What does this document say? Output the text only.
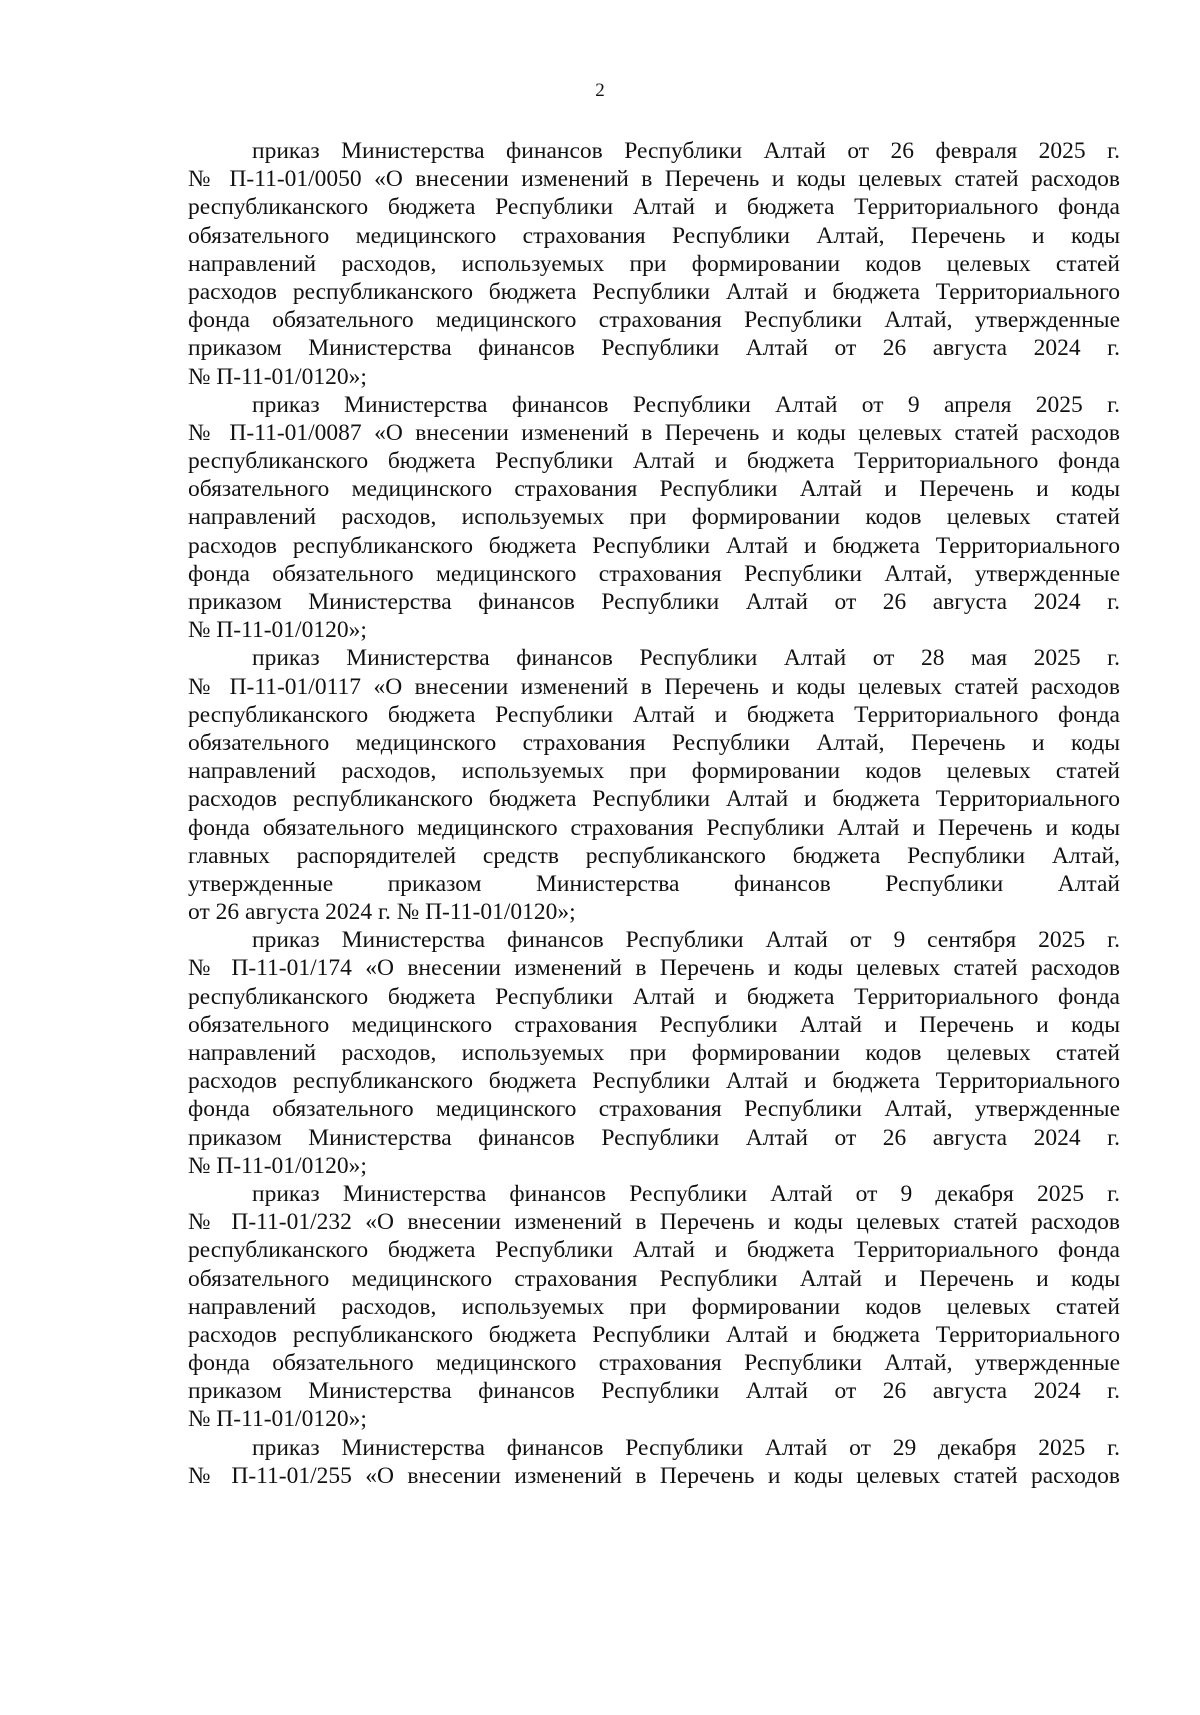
2
приказ Министерства финансов Республики Алтай от 26 февраля 2025 г.
№ П-11-01/0050 «О внесении изменений в Перечень и коды целевых статей расходов
республиканского бюджета Республики Алтай и бюджета Территориального фонда
обязательного медицинского страхования Республики Алтай, Перечень и коды
направлений расходов, используемых при формировании кодов целевых статей
расходов республиканского бюджета Республики Алтай и бюджета Территориального
фонда обязательного медицинского страхования Республики Алтай, утвержденные
приказом Министерства финансов Республики Алтай от 26 августа 2024 г.
№ П-11-01/0120»;
приказ Министерства финансов Республики Алтай от 9 апреля 2025 г.
№ П-11-01/0087 «О внесении изменений в Перечень и коды целевых статей расходов
республиканского бюджета Республики Алтай и бюджета Территориального фонда
обязательного медицинского страхования Республики Алтай и Перечень и коды
направлений расходов, используемых при формировании кодов целевых статей
расходов республиканского бюджета Республики Алтай и бюджета Территориального
фонда обязательного медицинского страхования Республики Алтай, утвержденные
приказом Министерства финансов Республики Алтай от 26 августа 2024 г.
№ П-11-01/0120»;
приказ Министерства финансов Республики Алтай от 28 мая 2025 г.
№ П-11-01/0117 «О внесении изменений в Перечень и коды целевых статей расходов
республиканского бюджета Республики Алтай и бюджета Территориального фонда
обязательного медицинского страхования Республики Алтай, Перечень и коды
направлений расходов, используемых при формировании кодов целевых статей
расходов республиканского бюджета Республики Алтай и бюджета Территориального
фонда обязательного медицинского страхования Республики Алтай и Перечень и коды
главных распорядителей средств республиканского бюджета Республики Алтай,
утвержденные приказом Министерства финансов Республики Алтай
от 26 августа 2024 г. № П-11-01/0120»;
приказ Министерства финансов Республики Алтай от 9 сентября 2025 г.
№ П-11-01/174 «О внесении изменений в Перечень и коды целевых статей расходов
республиканского бюджета Республики Алтай и бюджета Территориального фонда
обязательного медицинского страхования Республики Алтай и Перечень и коды
направлений расходов, используемых при формировании кодов целевых статей
расходов республиканского бюджета Республики Алтай и бюджета Территориального
фонда обязательного медицинского страхования Республики Алтай, утвержденные
приказом Министерства финансов Республики Алтай от 26 августа 2024 г.
№ П-11-01/0120»;
приказ Министерства финансов Республики Алтай от 9 декабря 2025 г.
№ П-11-01/232 «О внесении изменений в Перечень и коды целевых статей расходов
республиканского бюджета Республики Алтай и бюджета Территориального фонда
обязательного медицинского страхования Республики Алтай и Перечень и коды
направлений расходов, используемых при формировании кодов целевых статей
расходов республиканского бюджета Республики Алтай и бюджета Территориального
фонда обязательного медицинского страхования Республики Алтай, утвержденные
приказом Министерства финансов Республики Алтай от 26 августа 2024 г.
№ П-11-01/0120»;
приказ Министерства финансов Республики Алтай от 29 декабря 2025 г.
№ П-11-01/255 «О внесении изменений в Перечень и коды целевых статей расходов
